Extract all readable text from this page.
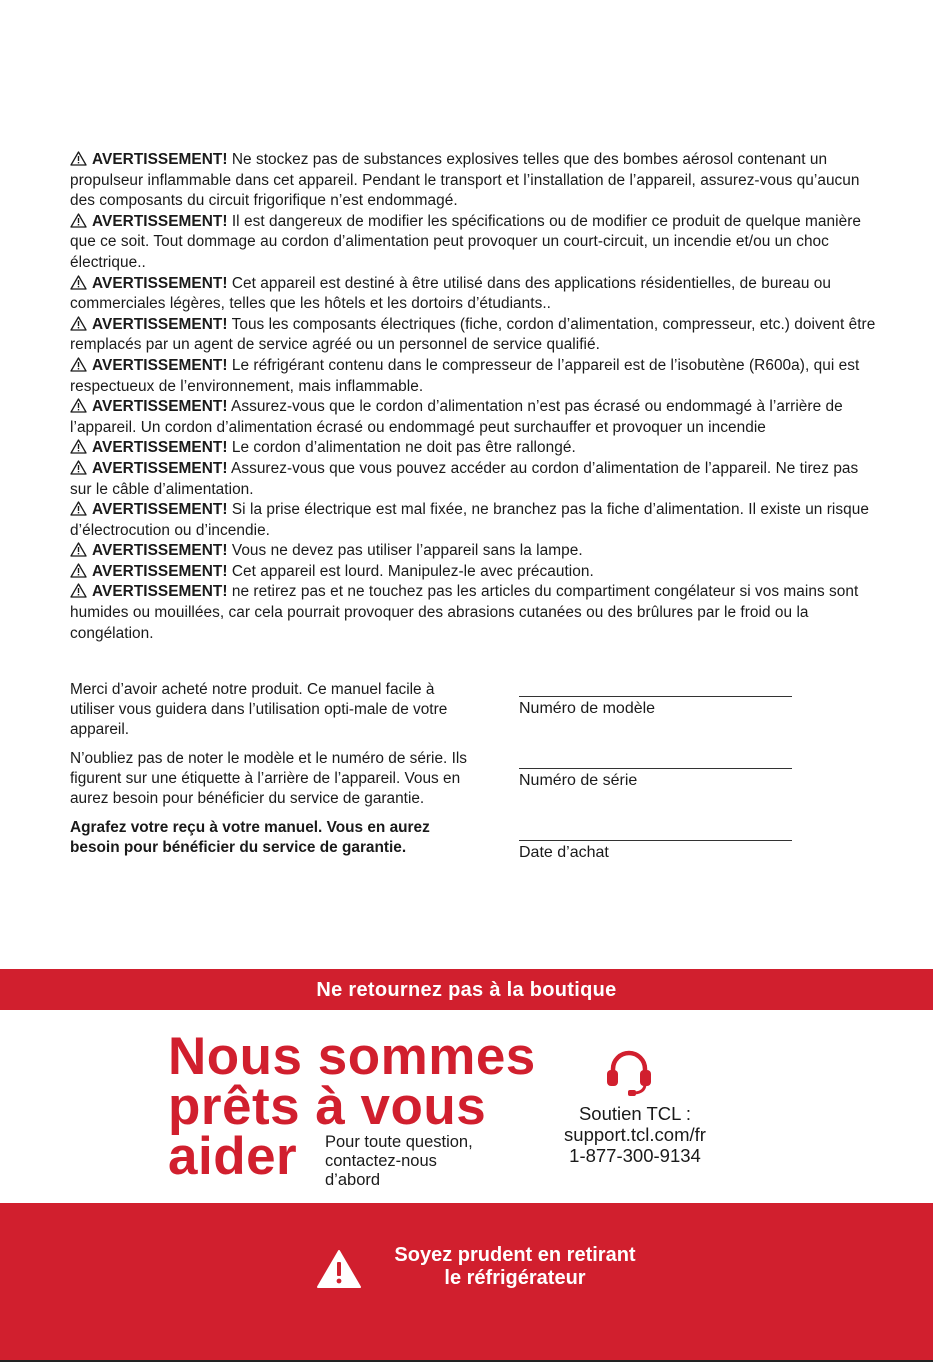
AVERTISSEMENT! Ne stockez pas de substances explosives telles que des bombes aérosol contenant un propulseur inflammable dans cet appareil. Pendant le transport et l’installation de l’appareil, assurez-vous qu’aucun des composants du circuit frigorifique n’est endommagé.

AVERTISSEMENT! Il est dangereux de modifier les spécifications ou de modifier ce produit de quelque manière que ce soit. Tout dommage au cordon d’alimentation peut provoquer un court-circuit, un incendie et/ou un choc électrique..

AVERTISSEMENT! Cet appareil est destiné à être utilisé dans des applications résidentielles, de bureau ou commerciales légères, telles que les hôtels et les dortoirs d’étudiants..

AVERTISSEMENT! Tous les composants électriques (fiche, cordon d’alimentation, compresseur, etc.) doivent être remplacés par un agent de service agréé ou un personnel de service qualifié.

AVERTISSEMENT! Le réfrigérant contenu dans le compresseur de l’appareil est de l’isobutène (R600a), qui est respectueux de l’environnement, mais inflammable.

AVERTISSEMENT! Assurez-vous que le cordon d’alimentation n’est pas écrasé ou endommagé à l’arrière de l’appareil. Un cordon d’alimentation écrasé ou endommagé peut surchauffer et provoquer un incendie

AVERTISSEMENT! Le cordon d’alimentation ne doit pas être rallongé.

AVERTISSEMENT! Assurez-vous que vous pouvez accéder au cordon d’alimentation de l’appareil. Ne tirez pas sur le câble d’alimentation.

AVERTISSEMENT! Si la prise électrique est mal fixée, ne branchez pas la fiche d’alimentation. Il existe un risque d’électrocution ou d’incendie.

AVERTISSEMENT! Vous ne devez pas utiliser l’appareil sans la lampe.

AVERTISSEMENT! Cet appareil est lourd. Manipulez-le avec précaution.

AVERTISSEMENT! ne retirez pas et ne touchez pas les articles du compartiment congélateur si vos mains sont humides ou mouillées, car cela pourrait provoquer des abrasions cutanées ou des brûlures par le froid ou la congélation.

Merci d’avoir acheté notre produit. Ce manuel facile à utiliser vous guidera dans l’utilisation opti-male de votre appareil.

N’oubliez pas de noter le modèle et le numéro de série. Ils figurent sur une étiquette à l’arrière de l’appareil. Vous en aurez besoin pour bénéficier du service de garantie.

Agrafez votre reçu à votre manuel. Vous en aurez besoin pour bénéficier du service de garantie.

Numéro de modèle
Numéro de série
Date d’achat
Ne retournez pas à la boutique
Nous sommes
prêts à vous
aider	Pour toute question,
contactez-nous
d’abord
Soutien TCL :
support.tcl.com/fr
1-877-300-9134
Soyez prudent en retirant
le réfrigérateur
